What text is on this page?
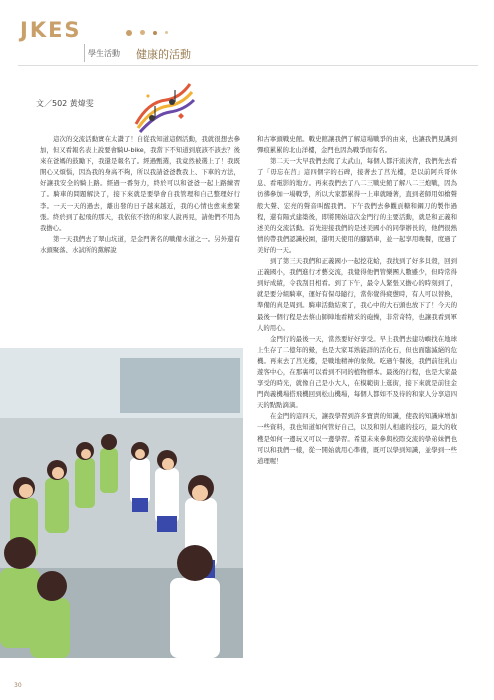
JKES

學生活動 健康的活動
文／502 黃煒雯

這次的交流活動實在太讚了！自從我知道這個活動，我就很想去參加，但又看報名表上說要會騎U-bike，我當下不知道到底該不該去？後來在爸媽的鼓勵下，我還是報名了。經過甄選，我竟然被選上了！我既開心又煩惱，因為我的身高不夠，所以我請爸爸教我上、下車的方法，好讓我安全的騎上路。經過一番努力，終於可以和爸爸一起上路練習了。騎車的問題解決了，接下來就是要學會自我管理和自己整理好行李。一天一天的過去，離出發的日子越來越近，我的心情也愈來愈緊張。終於到了起飛的那天，我依依不捨的和家人說再見，請他們不用為我擔心。

第一天我們去了翠山坑道，是金門著名的戰備水道之一。另外還有水頭聚落、水試所的黨解說

和古寧頭戰史館。戰史館讓我們了解這場戰爭的由來，也讓我們見識到彈痕累累的北山洋樓，金門也因為戰爭而有名。

第二天一大早我們去爬了太武山，每個人都汗流浹背，我們先去看了「毋忘在莒」這四個字的石碑，接著去了莒光樓，是以前阿兵哥休息、看電影的地方。再來我們去了八二三戰史館了解八二三炮戰，因為彷彿參加一場戰爭，所以大家都累得一上車就睡著，直到老師用如槍聲般大聲、宏亮的聲音叫醒我們。下午我們去參觀貢糖和鋼刀的製作過程，還有陽式建築後，即將開始這次金門行的主要活動，就是和正義和述美的交流活動。首先迎接我們的是述美國小的同學辦長的，他們很熱情的帶我們認識校園，還明天使用的腳踏車，並一起享用晚餐，度過了美好的一天。

到了第三天我們和正義國小一起挖花蛤，我找到了好多貝殼，回到正義國小，我們進行才藝交流，我覺得他們管樂團人數雖少，但時常得到好成績，令我刮目相看。到了下午，最令人緊張又擔心的時刻到了，就是要分組騎車，運好有保母隨行，當你覺得疲憊時，有人可以替換，準備的真是周到。騎車活動結束了，我心中的大石頭也放下了！今天的最後一個行程是去蔡山師陣地看精采的砲操，非常奇特，也讓我看到軍人的用心。

金門行的最後一天，當然要好好享受。早上我們去建功嶼找在地球上生存了二億年的鱟，也是大家耳熟能詳的活化石，但也面臨滅絕的危機。再來去了莒光樓，是戰地精神的象徵。吃過午餐後，我們前往乳山遊客中心，在那裏可以看到不同的植物標本。最後的行程，也是大家最享受的時光，就像自己是小大人，在模範街上逛街，接下來就是前往金門尚義機場搭飛機回到松山機場，每個人都如不及待的和家人分享這四天的點點滴滴。

在金門的這四天，讓我學習到許多寶貴的知識，使我的知識庫增加一些資料，我也知道如何管好自己，以及和別人相處的技巧，最大的收穫是如何一邊玩又可以一邊學習。希望未來參與校際交流的學弟妹們也可以和我們一樣，從一開始就用心準備，既可以學到知識，並學到一些道理喔！

30
